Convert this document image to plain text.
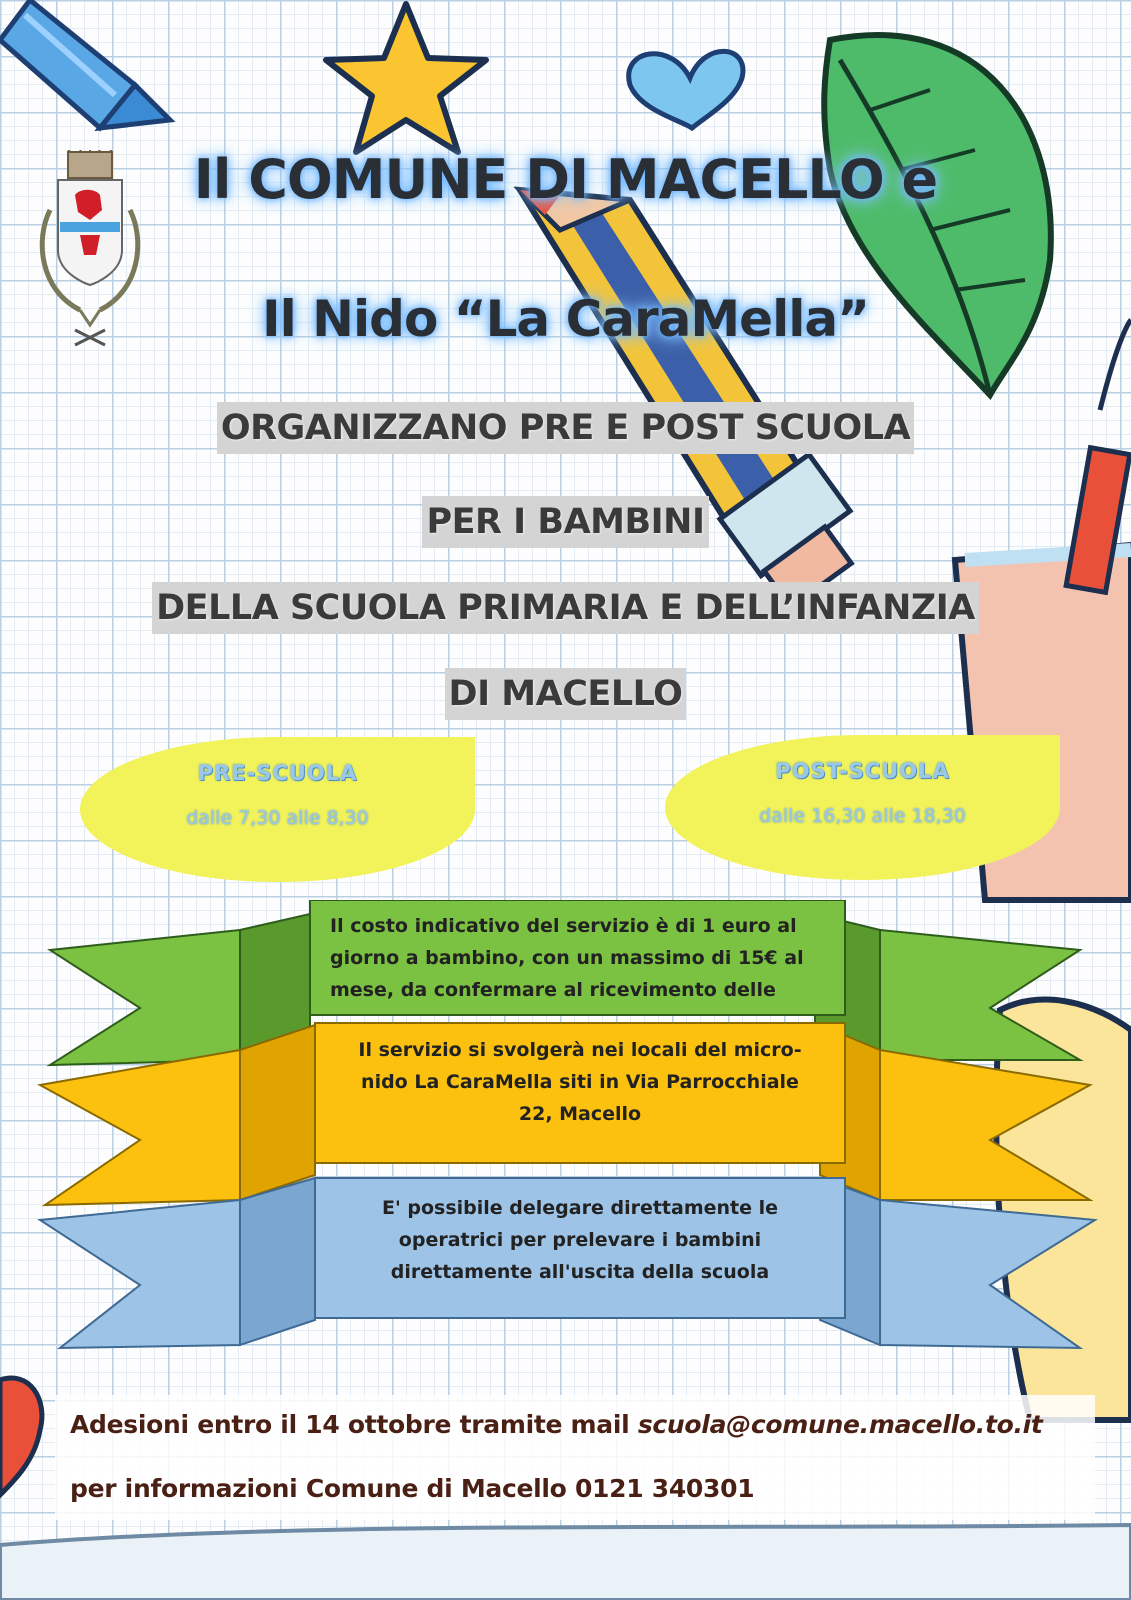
Il COMUNE DI MACELLO e
Il Nido “La CaraMella”
ORGANIZZANO PRE E POST SCUOLA
PER I BAMBINI
DELLA SCUOLA PRIMARIA E DELL’INFANZIA
DI MACELLO
PRE-SCUOLA
dalle 7,30 alle 8,30
POST-SCUOLA
dalle 16,30 alle 18,30
Il costo indicativo del servizio è di 1 euro al
giorno a bambino, con un massimo di 15€ al
mese, da confermare al ricevimento delle
Il servizio si svolgerà nei locali del micro-
nido La CaraMella siti in Via Parrocchiale
22, Macello
E' possibile delegare direttamente le
operatrici per prelevare i bambini
direttamente all'uscita della scuola
Adesioni entro il 14 ottobre tramite mail scuola@comune.macello.to.it
per informazioni Comune di Macello 0121 340301
